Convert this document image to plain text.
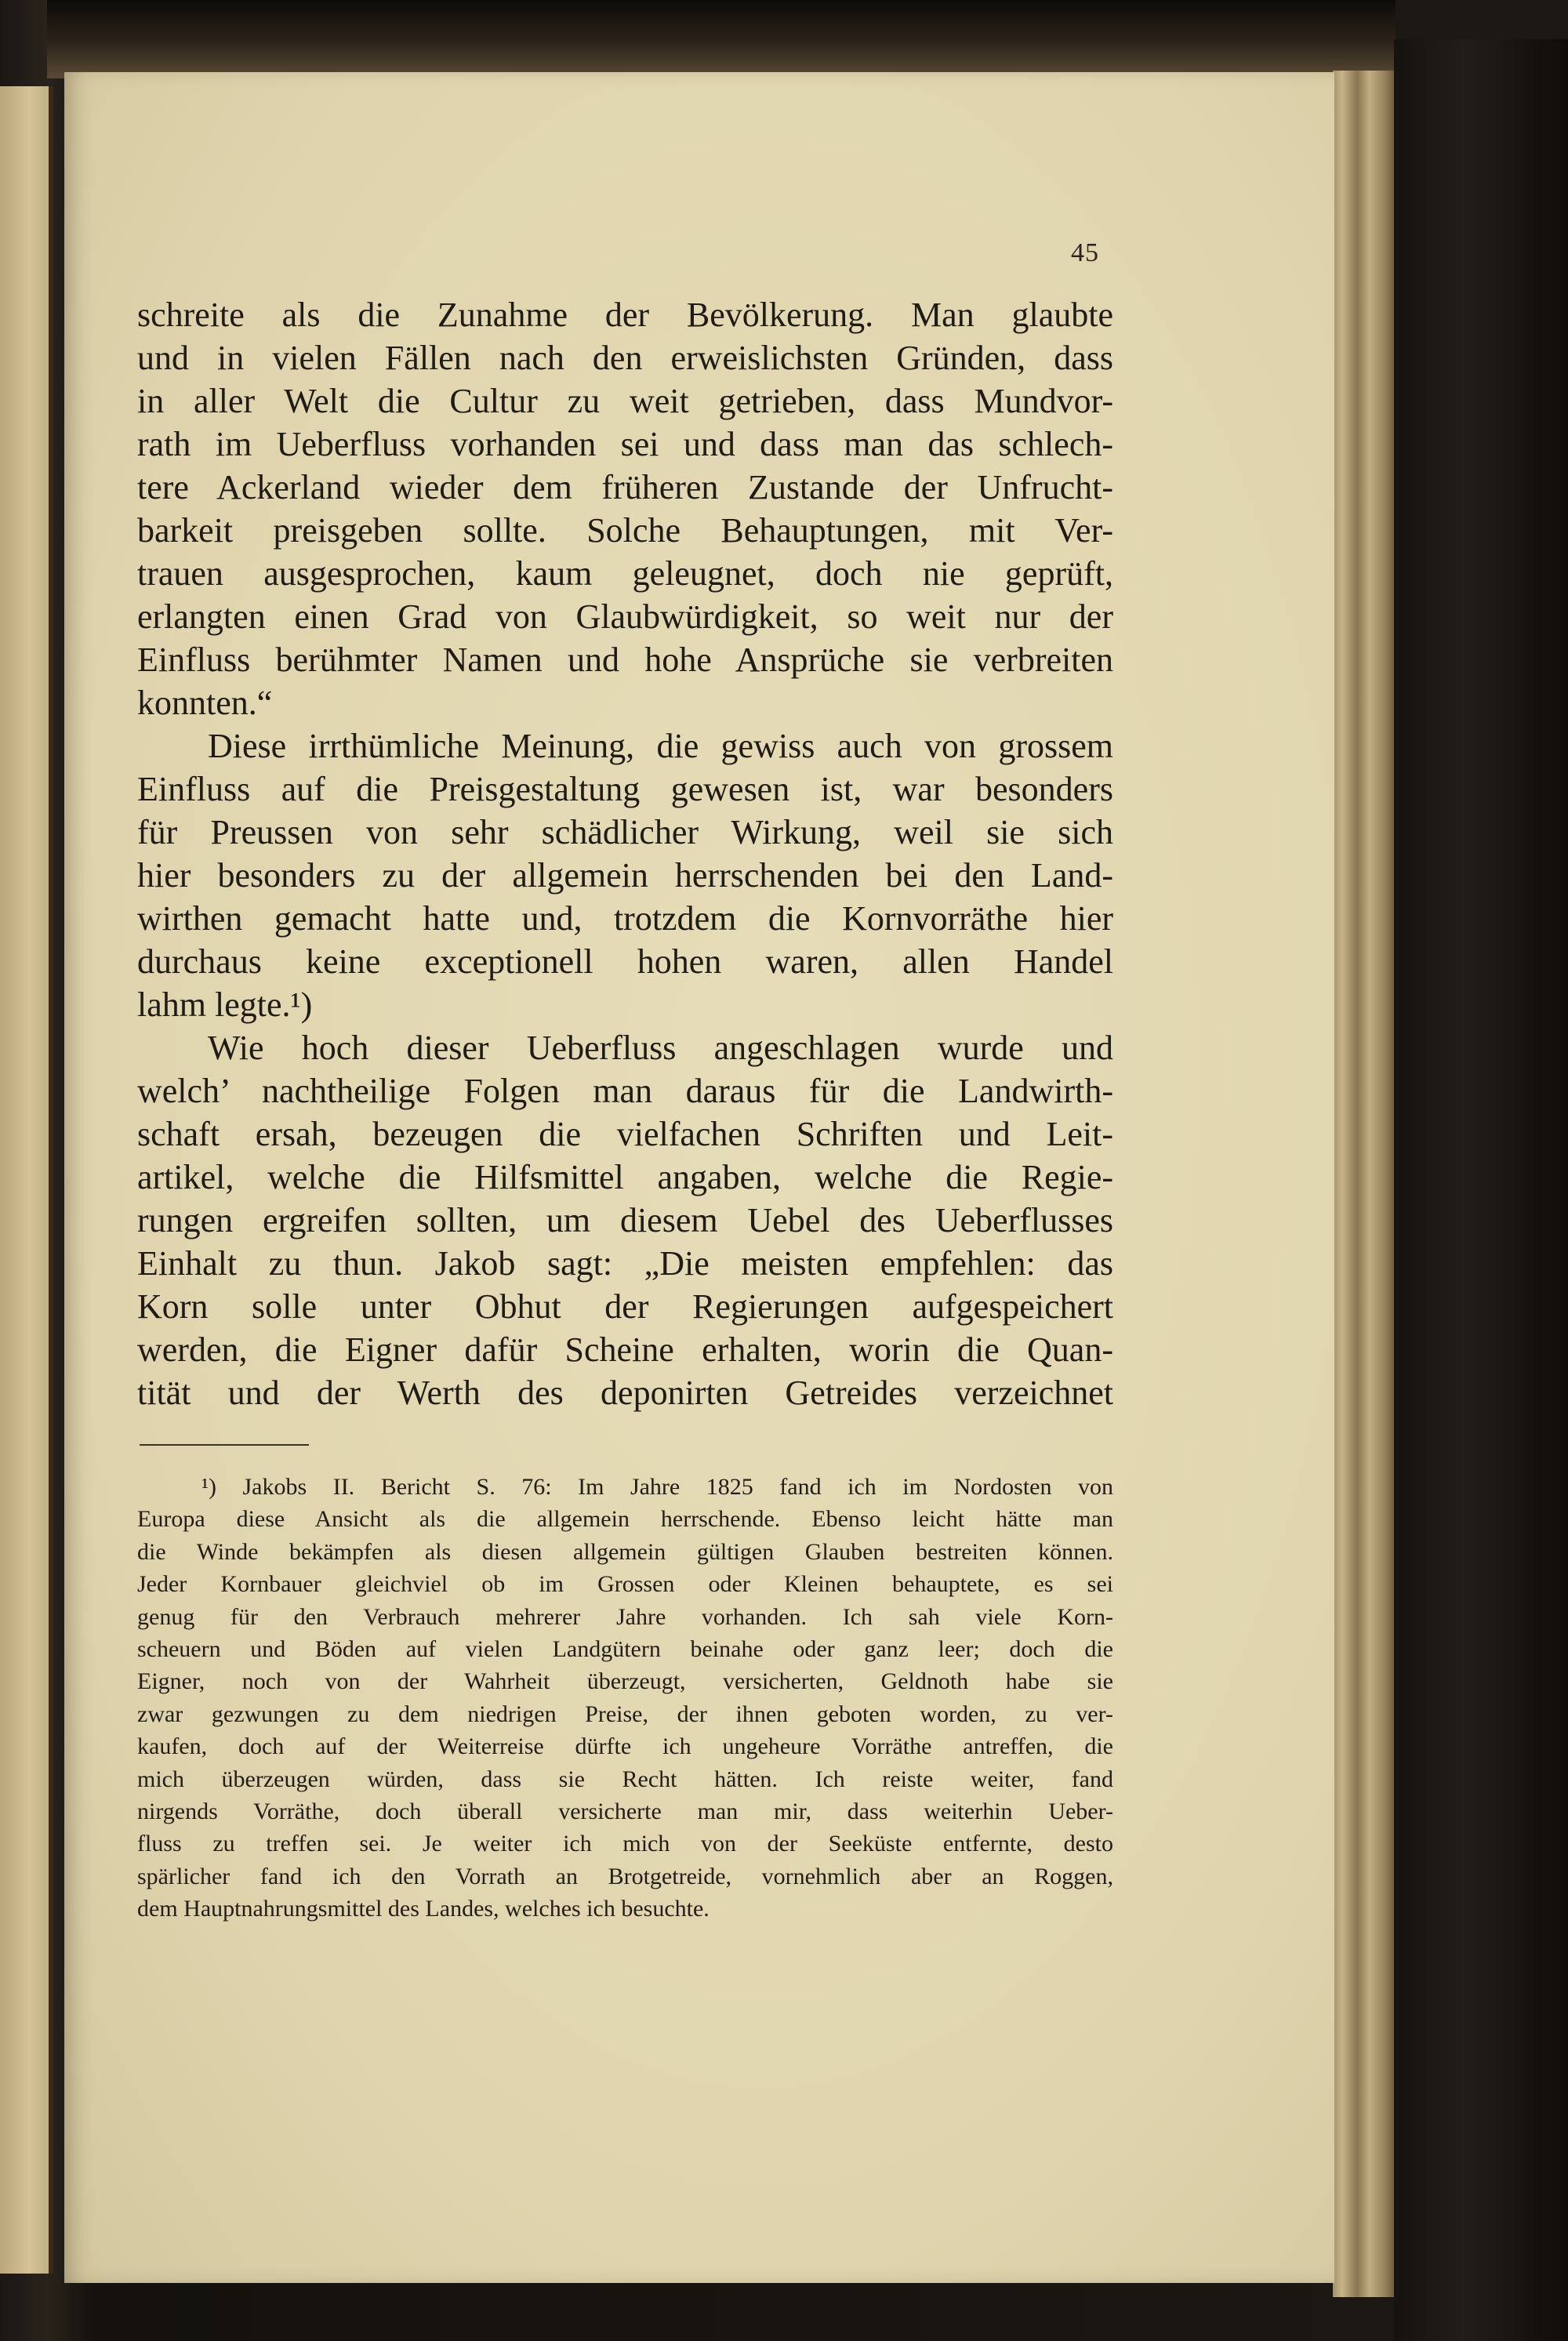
45
schreite als die Zunahme der Bevölkerung. Man glaubte
und in vielen Fällen nach den erweislichsten Gründen, dass
in aller Welt die Cultur zu weit getrieben, dass Mundvor-
rath im Ueberfluss vorhanden sei und dass man das schlech-
tere Ackerland wieder dem früheren Zustande der Unfrucht-
barkeit preisgeben sollte. Solche Behauptungen, mit Ver-
trauen ausgesprochen, kaum geleugnet, doch nie geprüft,
erlangten einen Grad von Glaubwürdigkeit, so weit nur der
Einfluss berühmter Namen und hohe Ansprüche sie verbreiten
konnten.“
Diese irrthümliche Meinung, die gewiss auch von grossem
Einfluss auf die Preisgestaltung gewesen ist, war besonders
für Preussen von sehr schädlicher Wirkung, weil sie sich
hier besonders zu der allgemein herrschenden bei den Land-
wirthen gemacht hatte und, trotzdem die Kornvorräthe hier
durchaus keine exceptionell hohen waren, allen Handel
lahm legte.¹)
Wie hoch dieser Ueberfluss angeschlagen wurde und
welch’ nachtheilige Folgen man daraus für die Landwirth-
schaft ersah, bezeugen die vielfachen Schriften und Leit-
artikel, welche die Hilfsmittel angaben, welche die Regie-
rungen ergreifen sollten, um diesem Uebel des Ueberflusses
Einhalt zu thun. Jakob sagt: „Die meisten empfehlen: das
Korn solle unter Obhut der Regierungen aufgespeichert
werden, die Eigner dafür Scheine erhalten, worin die Quan-
tität und der Werth des deponirten Getreides verzeichnet
¹) Jakobs II. Bericht S. 76: Im Jahre 1825 fand ich im Nordosten von
Europa diese Ansicht als die allgemein herrschende. Ebenso leicht hätte man
die Winde bekämpfen als diesen allgemein gültigen Glauben bestreiten können.
Jeder Kornbauer gleichviel ob im Grossen oder Kleinen behauptete, es sei
genug für den Verbrauch mehrerer Jahre vorhanden. Ich sah viele Korn-
scheuern und Böden auf vielen Landgütern beinahe oder ganz leer; doch die
Eigner, noch von der Wahrheit überzeugt, versicherten, Geldnoth habe sie
zwar gezwungen zu dem niedrigen Preise, der ihnen geboten worden, zu ver-
kaufen, doch auf der Weiterreise dürfte ich ungeheure Vorräthe antreffen, die
mich überzeugen würden, dass sie Recht hätten. Ich reiste weiter, fand
nirgends Vorräthe, doch überall versicherte man mir, dass weiterhin Ueber-
fluss zu treffen sei. Je weiter ich mich von der Seeküste entfernte, desto
spärlicher fand ich den Vorrath an Brotgetreide, vornehmlich aber an Roggen,
dem Hauptnahrungsmittel des Landes, welches ich besuchte.
